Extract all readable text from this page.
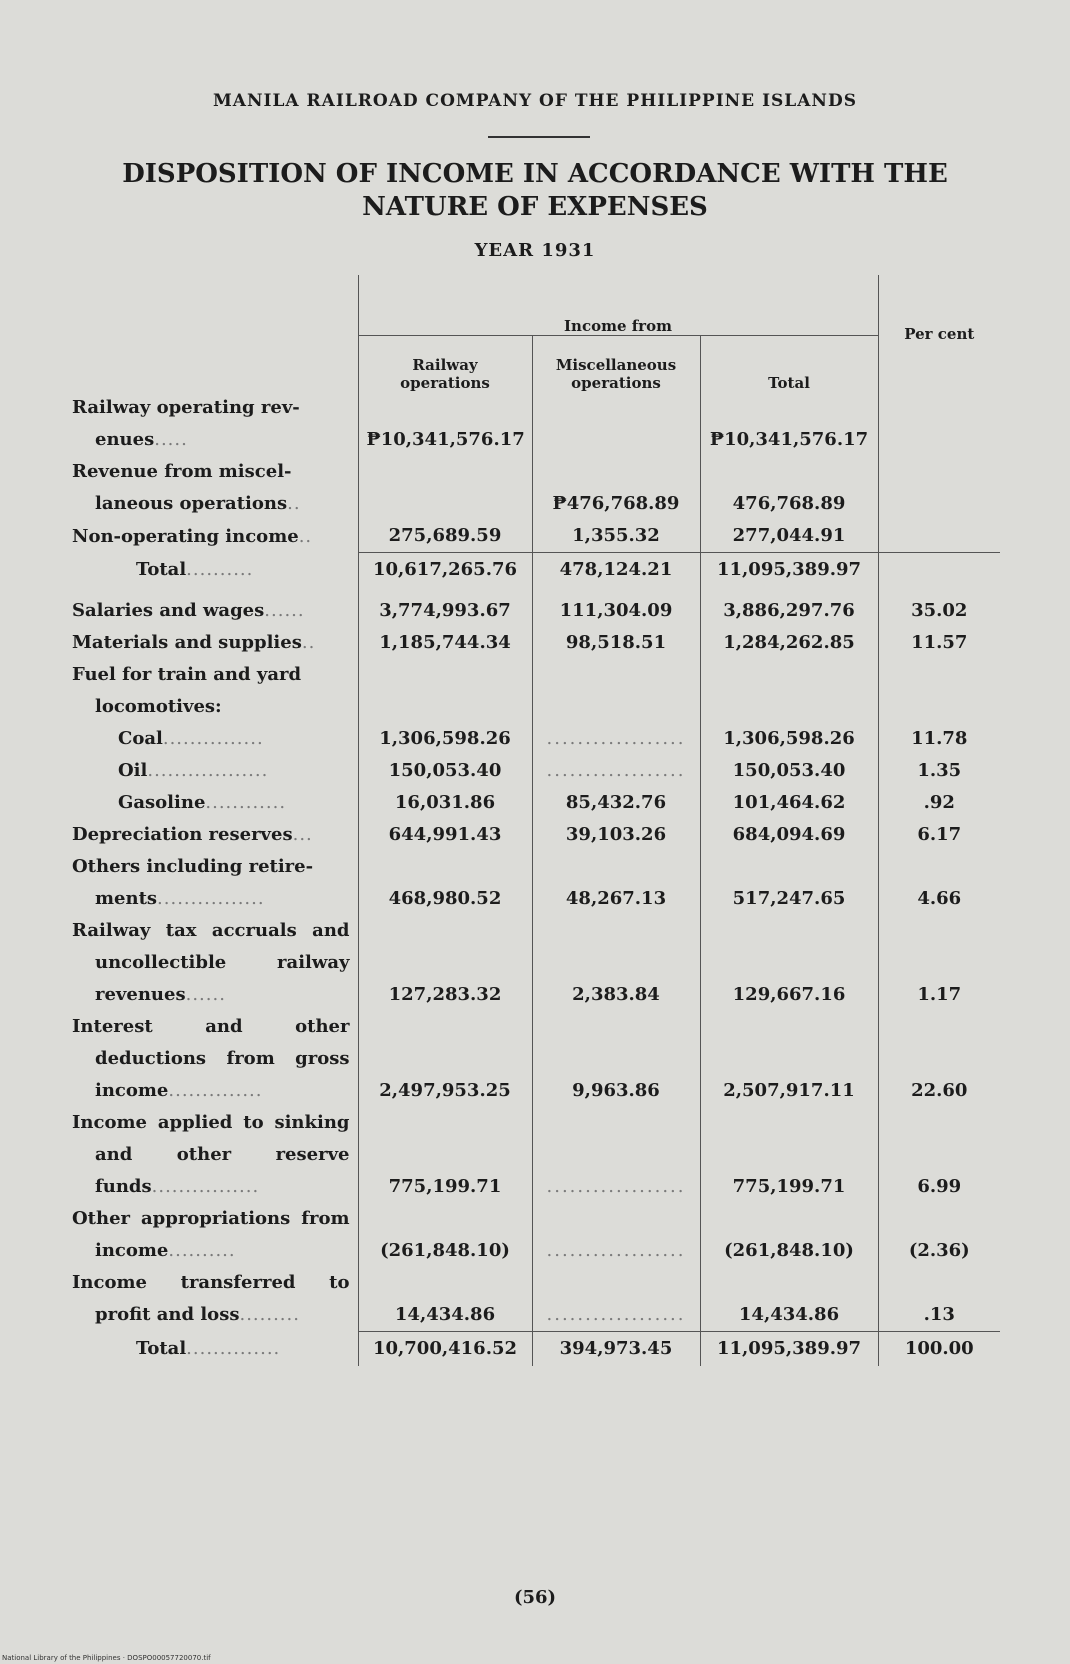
MANILA RAILROAD COMPANY OF THE PHILIPPINE ISLANDS
DISPOSITION OF INCOME IN ACCORDANCE WITH THE
NATURE OF EXPENSES
YEAR 1931
	Income from			Per cent
	Railway operations	Miscellaneous operations	Total	
Railway operating rev-
enues.....	₱10,341,576.17		₱10,341,576.17	
Revenue from miscel-
laneous operations..		₱476,768.89	476,768.89	
Non-operating income..	275,689.59	1,355.32	277,044.91	
Total..........	10,617,265.76	478,124.21	11,095,389.97	

Salaries and wages......	3,774,993.67	111,304.09	3,886,297.76	35.02
Materials and supplies..	1,185,744.34	98,518.51	1,284,262.85	11.57
Fuel for train and yard
locomotives:				
Coal...............	1,306,598.26	..................	1,306,598.26	11.78
Oil..................	150,053.40	..................	150,053.40	1.35
Gasoline............	16,031.86	85,432.76	101,464.62	.92
Depreciation reserves...	644,991.43	39,103.26	684,094.69	6.17
Others including retire-
ments................	468,980.52	48,267.13	517,247.65	4.66
Railway tax accruals and uncollectible railway revenues......	127,283.32	2,383.84	129,667.16	1.17
Interest and other deductions from gross income..............	2,497,953.25	9,963.86	2,507,917.11	22.60
Income applied to sinking and other reserve funds................	775,199.71	..................	775,199.71	6.99
Other appropriations from income..........	(261,848.10)	..................	(261,848.10)	(2.36)
Income transferred to profit and loss.........	14,434.86	..................	14,434.86	.13
Total..............	10,700,416.52	394,973.45	11,095,389.97	100.00
(56)
National Library of the Philippines · DOSPO00057720070.tif
